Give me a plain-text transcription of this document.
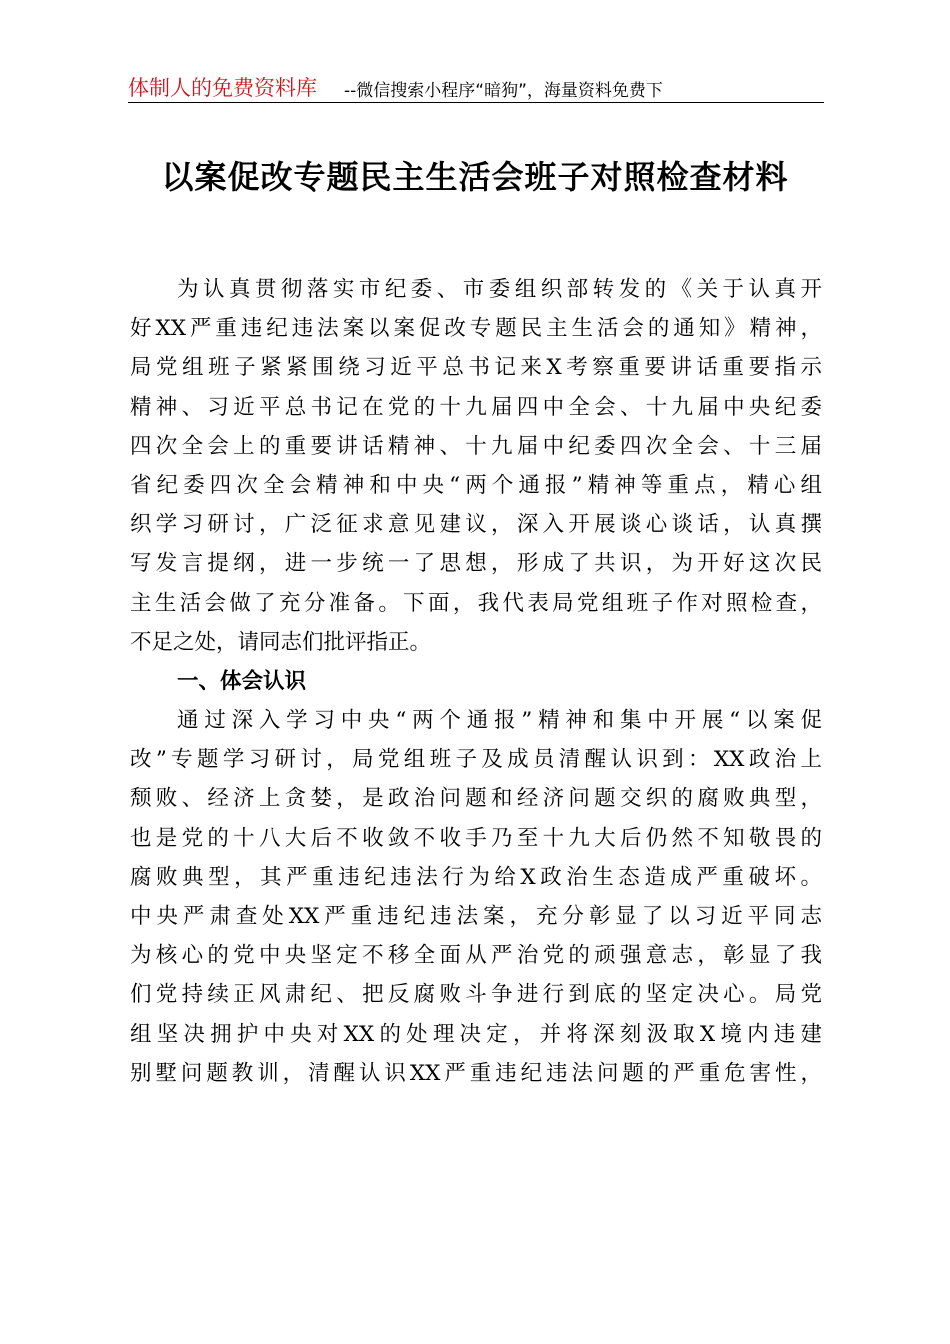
体制人的免费资料库 --微信搜索小程序“暗狗”，海量资料免费下
以案促改专题民主生活会班子对照检查材料
为认真贯彻落实市纪委、市委组织部转发的《关于认真开
好XX严重违纪违法案以案促改专题民主生活会的通知》精神，
局党组班子紧紧围绕习近平总书记来X考察重要讲话重要指示
精神、习近平总书记在党的十九届四中全会、十九届中央纪委
四次全会上的重要讲话精神、十九届中纪委四次全会、十三届
省纪委四次全会精神和中央“两个通报”精神等重点，精心组
织学习研讨，广泛征求意见建议，深入开展谈心谈话，认真撰
写发言提纲，进一步统一了思想，形成了共识，为开好这次民
主生活会做了充分准备。下面，我代表局党组班子作对照检查，
不足之处，请同志们批评指正。
一、体会认识
通过深入学习中央“两个通报”精神和集中开展“以案促
改”专题学习研讨，局党组班子及成员清醒认识到：XX政治上
颓败、经济上贪婪，是政治问题和经济问题交织的腐败典型，
也是党的十八大后不收敛不收手乃至十九大后仍然不知敬畏的
腐败典型，其严重违纪违法行为给X政治生态造成严重破坏。
中央严肃查处XX严重违纪违法案，充分彰显了以习近平同志
为核心的党中央坚定不移全面从严治党的顽强意志，彰显了我
们党持续正风肃纪、把反腐败斗争进行到底的坚定决心。局党
组坚决拥护中央对XX的处理决定，并将深刻汲取X境内违建
别墅问题教训，清醒认识XX严重违纪违法问题的严重危害性，
